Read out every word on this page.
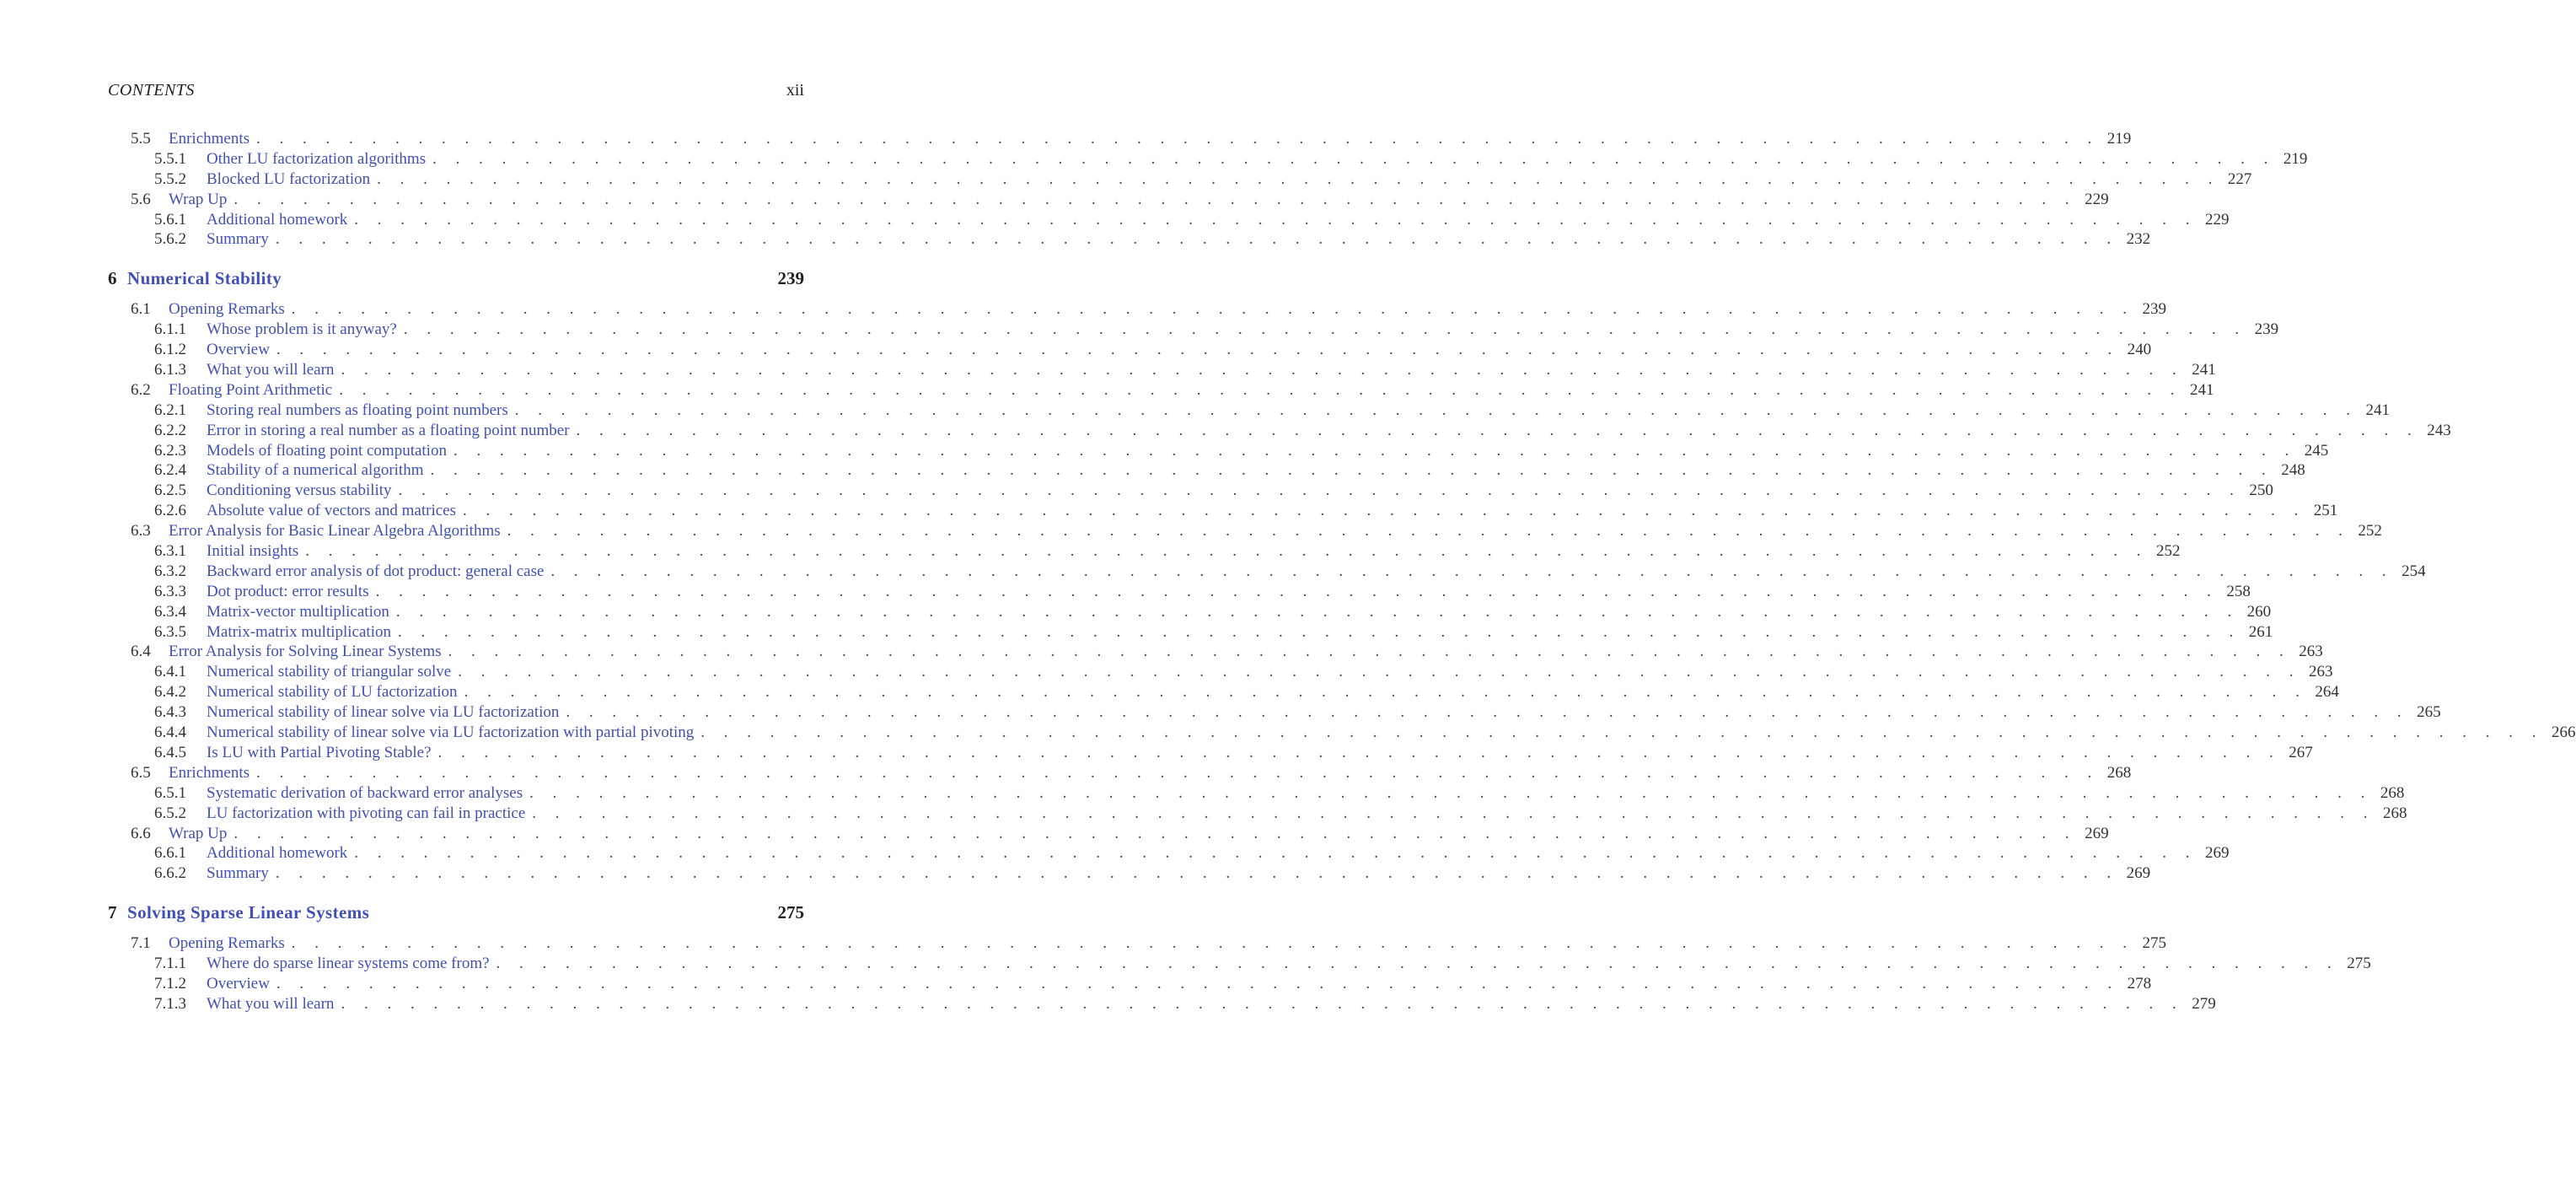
CONTENTS	xii
5.5	Enrichments . . . . . . . . . . . . . . . . . . . . . . . . . . . . . . . . . . . . . . . . . . . . . . . . . . . . . . . . . . . . . . . . . . . . . . . . . . . . . . . . 219
5.5.1	Other LU factorization algorithms . . . . . . . . . . . . . . . . . . . . . . . . . . . . . . . . . . . . . . . . . . . . . . . . . . . . . . . . . . . . . . . . . . . . . . . . . . . . . . . . 219
5.5.2	Blocked LU factorization . . . . . . . . . . . . . . . . . . . . . . . . . . . . . . . . . . . . . . . . . . . . . . . . . . . . . . . . . . . . . . . . . . . . . . . . . . . . . . . . 227
5.6	Wrap Up . . . . . . . . . . . . . . . . . . . . . . . . . . . . . . . . . . . . . . . . . . . . . . . . . . . . . . . . . . . . . . . . . . . . . . . . . . . . . . . . 229
5.6.1	Additional homework . . . . . . . . . . . . . . . . . . . . . . . . . . . . . . . . . . . . . . . . . . . . . . . . . . . . . . . . . . . . . . . . . . . . . . . . . . . . . . . . 229
5.6.2	Summary . . . . . . . . . . . . . . . . . . . . . . . . . . . . . . . . . . . . . . . . . . . . . . . . . . . . . . . . . . . . . . . . . . . . . . . . . . . . . . . . 232
6 Numerical Stability	239
6.1	Opening Remarks . . . . . . . . . . . . . . . . . . . . . . . . . . . . . . . . . . . . . . . . . . . . . . . . . . . . . . . . . . . . . . . . . . . . . . . . . . . . . . . . 239
6.1.1	Whose problem is it anyway? . . . . . . . . . . . . . . . . . . . . . . . . . . . . . . . . . . . . . . . . . . . . . . . . . . . . . . . . . . . . . . . . . . . . . . . . . . . . . . . . 239
6.1.2	Overview . . . . . . . . . . . . . . . . . . . . . . . . . . . . . . . . . . . . . . . . . . . . . . . . . . . . . . . . . . . . . . . . . . . . . . . . . . . . . . . . 240
6.1.3	What you will learn . . . . . . . . . . . . . . . . . . . . . . . . . . . . . . . . . . . . . . . . . . . . . . . . . . . . . . . . . . . . . . . . . . . . . . . . . . . . . . . . 241
6.2	Floating Point Arithmetic . . . . . . . . . . . . . . . . . . . . . . . . . . . . . . . . . . . . . . . . . . . . . . . . . . . . . . . . . . . . . . . . . . . . . . . . . . . . . . . . 241
6.2.1	Storing real numbers as floating point numbers . . . . . . . . . . . . . . . . . . . . . . . . . . . . . . . . . . . . . . . . . . . . . . . . . . . . . . . . . . . . . . . . . . . . . . . . . . . . . . . . 241
6.2.2	Error in storing a real number as a floating point number . . . . . . . . . . . . . . . . . . . . . . . . . . . . . . . . . . . . . . . . . . . . . . . . . . . . . . . . . . . . . . . . . . . . . . . . . . . . . . . . 243
6.2.3	Models of floating point computation . . . . . . . . . . . . . . . . . . . . . . . . . . . . . . . . . . . . . . . . . . . . . . . . . . . . . . . . . . . . . . . . . . . . . . . . . . . . . . . . 245
6.2.4	Stability of a numerical algorithm . . . . . . . . . . . . . . . . . . . . . . . . . . . . . . . . . . . . . . . . . . . . . . . . . . . . . . . . . . . . . . . . . . . . . . . . . . . . . . . . 248
6.2.5	Conditioning versus stability . . . . . . . . . . . . . . . . . . . . . . . . . . . . . . . . . . . . . . . . . . . . . . . . . . . . . . . . . . . . . . . . . . . . . . . . . . . . . . . . 250
6.2.6	Absolute value of vectors and matrices . . . . . . . . . . . . . . . . . . . . . . . . . . . . . . . . . . . . . . . . . . . . . . . . . . . . . . . . . . . . . . . . . . . . . . . . . . . . . . . . 251
6.3	Error Analysis for Basic Linear Algebra Algorithms . . . . . . . . . . . . . . . . . . . . . . . . . . . . . . . . . . . . . . . . . . . . . . . . . . . . . . . . . . . . . . . . . . . . . . . . . . . . . . . . 252
6.3.1	Initial insights . . . . . . . . . . . . . . . . . . . . . . . . . . . . . . . . . . . . . . . . . . . . . . . . . . . . . . . . . . . . . . . . . . . . . . . . . . . . . . . . 252
6.3.2	Backward error analysis of dot product: general case . . . . . . . . . . . . . . . . . . . . . . . . . . . . . . . . . . . . . . . . . . . . . . . . . . . . . . . . . . . . . . . . . . . . . . . . . . . . . . . . 254
6.3.3	Dot product: error results . . . . . . . . . . . . . . . . . . . . . . . . . . . . . . . . . . . . . . . . . . . . . . . . . . . . . . . . . . . . . . . . . . . . . . . . . . . . . . . . 258
6.3.4	Matrix-vector multiplication . . . . . . . . . . . . . . . . . . . . . . . . . . . . . . . . . . . . . . . . . . . . . . . . . . . . . . . . . . . . . . . . . . . . . . . . . . . . . . . . 260
6.3.5	Matrix-matrix multiplication . . . . . . . . . . . . . . . . . . . . . . . . . . . . . . . . . . . . . . . . . . . . . . . . . . . . . . . . . . . . . . . . . . . . . . . . . . . . . . . . 261
6.4	Error Analysis for Solving Linear Systems . . . . . . . . . . . . . . . . . . . . . . . . . . . . . . . . . . . . . . . . . . . . . . . . . . . . . . . . . . . . . . . . . . . . . . . . . . . . . . . . 263
6.4.1	Numerical stability of triangular solve . . . . . . . . . . . . . . . . . . . . . . . . . . . . . . . . . . . . . . . . . . . . . . . . . . . . . . . . . . . . . . . . . . . . . . . . . . . . . . . . 263
6.4.2	Numerical stability of LU factorization . . . . . . . . . . . . . . . . . . . . . . . . . . . . . . . . . . . . . . . . . . . . . . . . . . . . . . . . . . . . . . . . . . . . . . . . . . . . . . . . 264
6.4.3	Numerical stability of linear solve via LU factorization . . . . . . . . . . . . . . . . . . . . . . . . . . . . . . . . . . . . . . . . . . . . . . . . . . . . . . . . . . . . . . . . . . . . . . . . . . . . . . . . 265
6.4.4	Numerical stability of linear solve via LU factorization with partial pivoting . . . . . . . . . . . . . . . . . . . . . . . . . . . . . . . . . . . . . . . . . . . . . . . . . . . . . . . . . . . . . . . . . . . . . . . . . . . . . . . . 266
6.4.5	Is LU with Partial Pivoting Stable? . . . . . . . . . . . . . . . . . . . . . . . . . . . . . . . . . . . . . . . . . . . . . . . . . . . . . . . . . . . . . . . . . . . . . . . . . . . . . . . . 267
6.5	Enrichments . . . . . . . . . . . . . . . . . . . . . . . . . . . . . . . . . . . . . . . . . . . . . . . . . . . . . . . . . . . . . . . . . . . . . . . . . . . . . . . . 268
6.5.1	Systematic derivation of backward error analyses . . . . . . . . . . . . . . . . . . . . . . . . . . . . . . . . . . . . . . . . . . . . . . . . . . . . . . . . . . . . . . . . . . . . . . . . . . . . . . . . 268
6.5.2	LU factorization with pivoting can fail in practice . . . . . . . . . . . . . . . . . . . . . . . . . . . . . . . . . . . . . . . . . . . . . . . . . . . . . . . . . . . . . . . . . . . . . . . . . . . . . . . . 268
6.6	Wrap Up . . . . . . . . . . . . . . . . . . . . . . . . . . . . . . . . . . . . . . . . . . . . . . . . . . . . . . . . . . . . . . . . . . . . . . . . . . . . . . . . 269
6.6.1	Additional homework . . . . . . . . . . . . . . . . . . . . . . . . . . . . . . . . . . . . . . . . . . . . . . . . . . . . . . . . . . . . . . . . . . . . . . . . . . . . . . . . 269
6.6.2	Summary . . . . . . . . . . . . . . . . . . . . . . . . . . . . . . . . . . . . . . . . . . . . . . . . . . . . . . . . . . . . . . . . . . . . . . . . . . . . . . . . 269
7 Solving Sparse Linear Systems	275
7.1	Opening Remarks . . . . . . . . . . . . . . . . . . . . . . . . . . . . . . . . . . . . . . . . . . . . . . . . . . . . . . . . . . . . . . . . . . . . . . . . . . . . . . . . 275
7.1.1	Where do sparse linear systems come from? . . . . . . . . . . . . . . . . . . . . . . . . . . . . . . . . . . . . . . . . . . . . . . . . . . . . . . . . . . . . . . . . . . . . . . . . . . . . . . . . 275
7.1.2	Overview . . . . . . . . . . . . . . . . . . . . . . . . . . . . . . . . . . . . . . . . . . . . . . . . . . . . . . . . . . . . . . . . . . . . . . . . . . . . . . . . 278
7.1.3	What you will learn . . . . . . . . . . . . . . . . . . . . . . . . . . . . . . . . . . . . . . . . . . . . . . . . . . . . . . . . . . . . . . . . . . . . . . . . . . . . . . . . 279
